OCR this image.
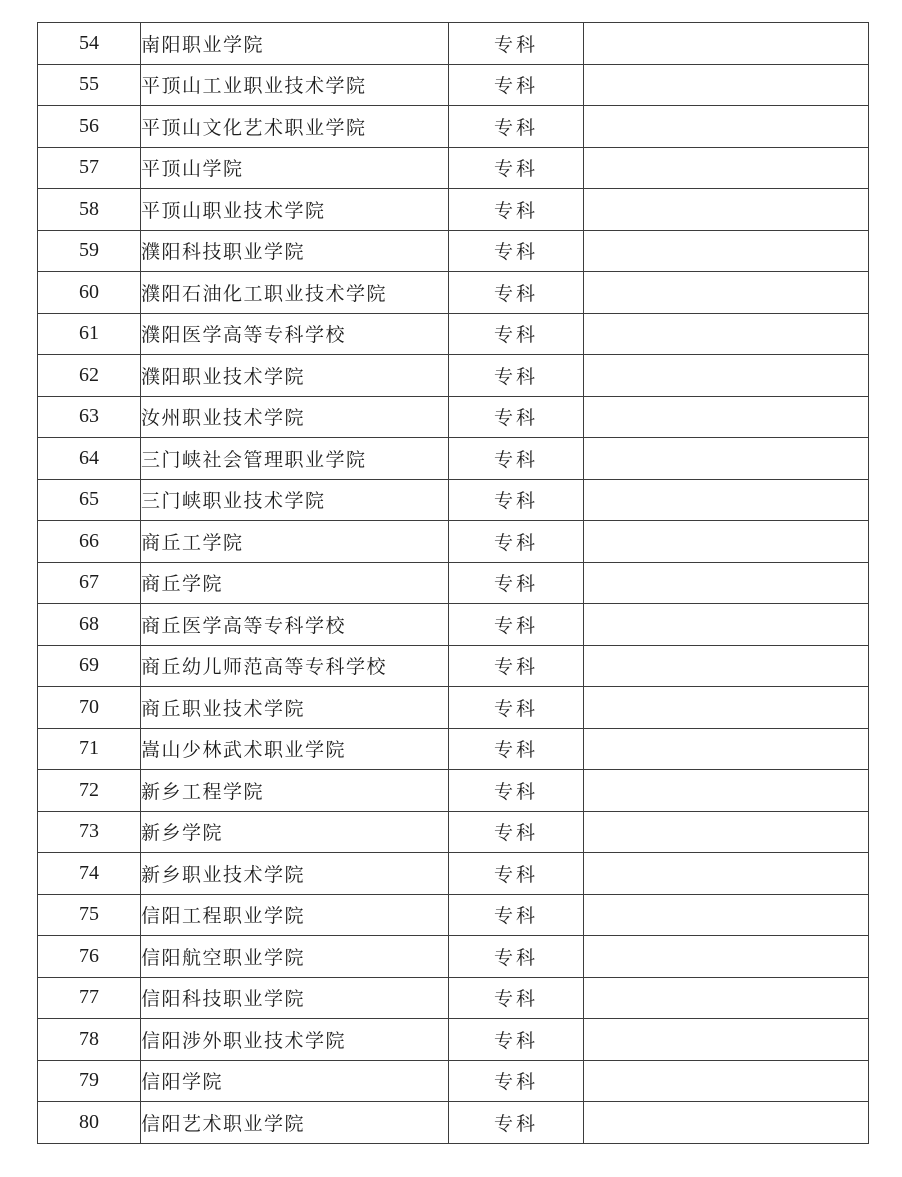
54	南阳职业学院	专科	
55	平顶山工业职业技术学院	专科	
56	平顶山文化艺术职业学院	专科	
57	平顶山学院	专科	
58	平顶山职业技术学院	专科	
59	濮阳科技职业学院	专科	
60	濮阳石油化工职业技术学院	专科	
61	濮阳医学高等专科学校	专科	
62	濮阳职业技术学院	专科	
63	汝州职业技术学院	专科	
64	三门峡社会管理职业学院	专科	
65	三门峡职业技术学院	专科	
66	商丘工学院	专科	
67	商丘学院	专科	
68	商丘医学高等专科学校	专科	
69	商丘幼儿师范高等专科学校	专科	
70	商丘职业技术学院	专科	
71	嵩山少林武术职业学院	专科	
72	新乡工程学院	专科	
73	新乡学院	专科	
74	新乡职业技术学院	专科	
75	信阳工程职业学院	专科	
76	信阳航空职业学院	专科	
77	信阳科技职业学院	专科	
78	信阳涉外职业技术学院	专科	
79	信阳学院	专科	
80	信阳艺术职业学院	专科	
